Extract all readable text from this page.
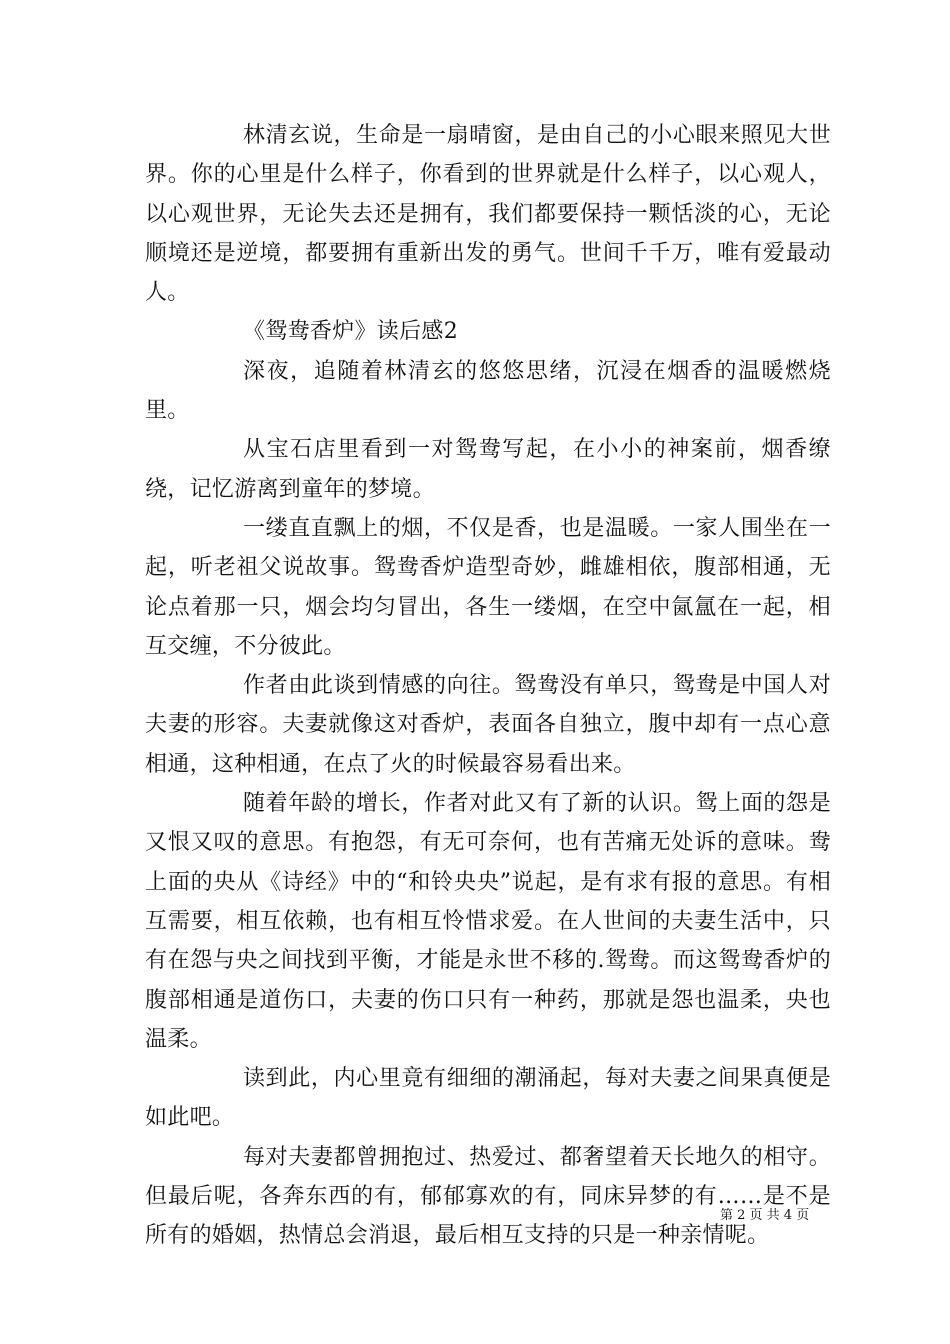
林清玄说，生命是一扇晴窗，是由自己的小心眼来照见大世界。你的心里是什么样子，你看到的世界就是什么样子，以心观人，以心观世界，无论失去还是拥有，我们都要保持一颗恬淡的心，无论顺境还是逆境，都要拥有重新出发的勇气。世间千千万，唯有爱最动人。

《鸳鸯香炉》读后感2

深夜，追随着林清玄的悠悠思绪，沉浸在烟香的温暖燃烧里。

从宝石店里看到一对鸳鸯写起，在小小的神案前，烟香缭绕，记忆游离到童年的梦境。

一缕直直飘上的烟，不仅是香，也是温暖。一家人围坐在一起，听老祖父说故事。鸳鸯香炉造型奇妙，雌雄相依，腹部相通，无论点着那一只，烟会均匀冒出，各生一缕烟，在空中氤氲在一起，相互交缠，不分彼此。

作者由此谈到情感的向往。鸳鸯没有单只，鸳鸯是中国人对夫妻的形容。夫妻就像这对香炉，表面各自独立，腹中却有一点心意相通，这种相通，在点了火的时候最容易看出来。

随着年龄的增长，作者对此又有了新的认识。鸳上面的怨是又恨又叹的意思。有抱怨，有无可奈何，也有苦痛无处诉的意味。鸯上面的央从《诗经》中的“和铃央央”说起，是有求有报的意思。有相互需要，相互依赖，也有相互怜惜求爱。在人世间的夫妻生活中，只有在怨与央之间找到平衡，才能是永世不移的.鸳鸯。而这鸳鸯香炉的腹部相通是道伤口，夫妻的伤口只有一种药，那就是怨也温柔，央也温柔。

读到此，内心里竟有细细的潮涌起，每对夫妻之间果真便是如此吧。

每对夫妻都曾拥抱过、热爱过、都奢望着天长地久的相守。但最后呢，各奔东西的有，郁郁寡欢的有，同床异梦的有……是不是所有的婚姻，热情总会消退，最后相互支持的只是一种亲情呢。

第 2 页 共 4 页
